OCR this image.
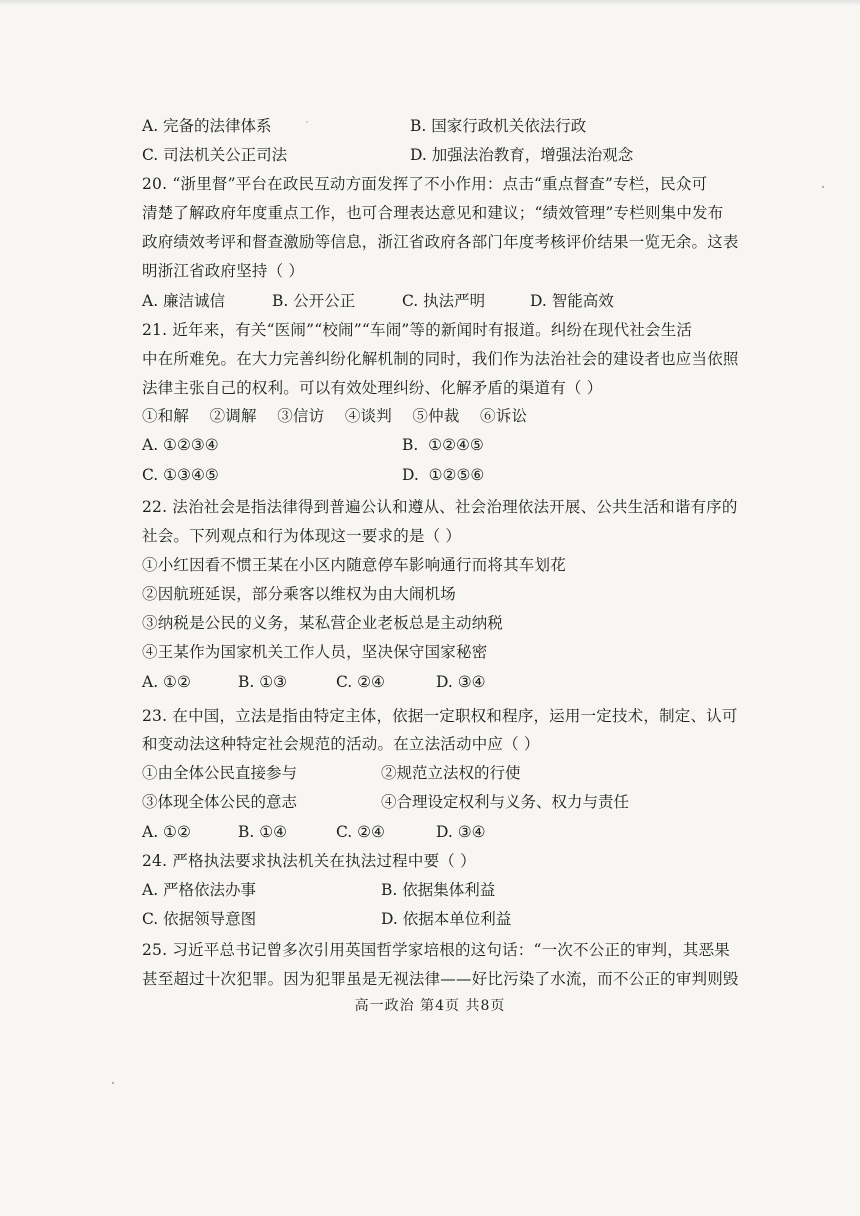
A. 完备的法律体系	B. 国家行政机关依法行政
C. 司法机关公正司法	D. 加强法治教育，增强法治观念
20. “浙里督”平台在政民互动方面发挥了不小作用：点击“重点督查”专栏，民众可
清楚了解政府年度重点工作，也可合理表达意见和建议；“绩效管理”专栏则集中发布
政府绩效考评和督查激励等信息，浙江省政府各部门年度考核评价结果一览无余。这表
明浙江省政府坚持（ ）
A. 廉洁诚信	B. 公开公正	C. 执法严明	D. 智能高效
21. 近年来，有关“医闹”“校闹”“车闹”等的新闻时有报道。纠纷在现代社会生活
中在所难免。在大力完善纠纷化解机制的同时，我们作为法治社会的建设者也应当依照
法律主张自己的权利。可以有效处理纠纷、化解矛盾的渠道有（ ）
①和解    ②调解    ③信访    ④谈判    ⑤仲裁    ⑥诉讼
A. ①②③④	B.  ①②④⑤
C. ①③④⑤	D.  ①②⑤⑥
22. 法治社会是指法律得到普遍公认和遵从、社会治理依法开展、公共生活和谐有序的
社会。下列观点和行为体现这一要求的是（ ）
①小红因看不惯王某在小区内随意停车影响通行而将其车划花
②因航班延误，部分乘客以维权为由大闹机场
③纳税是公民的义务，某私营企业老板总是主动纳税
④王某作为国家机关工作人员，坚决保守国家秘密
A. ①②	B. ①③	C. ②④	D. ③④
23. 在中国，立法是指由特定主体，依据一定职权和程序，运用一定技术，制定、认可
和变动法这种特定社会规范的活动。在立法活动中应（ ）
①由全体公民直接参与	②规范立法权的行使
③体现全体公民的意志	④合理设定权利与义务、权力与责任
A. ①②	B. ①④	C. ②④	D. ③④
24. 严格执法要求执法机关在执法过程中要（ ）
A. 严格依法办事	B. 依据集体利益
C. 依据领导意图	D. 依据本单位利益
25. 习近平总书记曾多次引用英国哲学家培根的这句话：“一次不公正的审判，其恶果
甚至超过十次犯罪。因为犯罪虽是无视法律——好比污染了水流，而不公正的审判则毁
高一政治 第4页 共8页
